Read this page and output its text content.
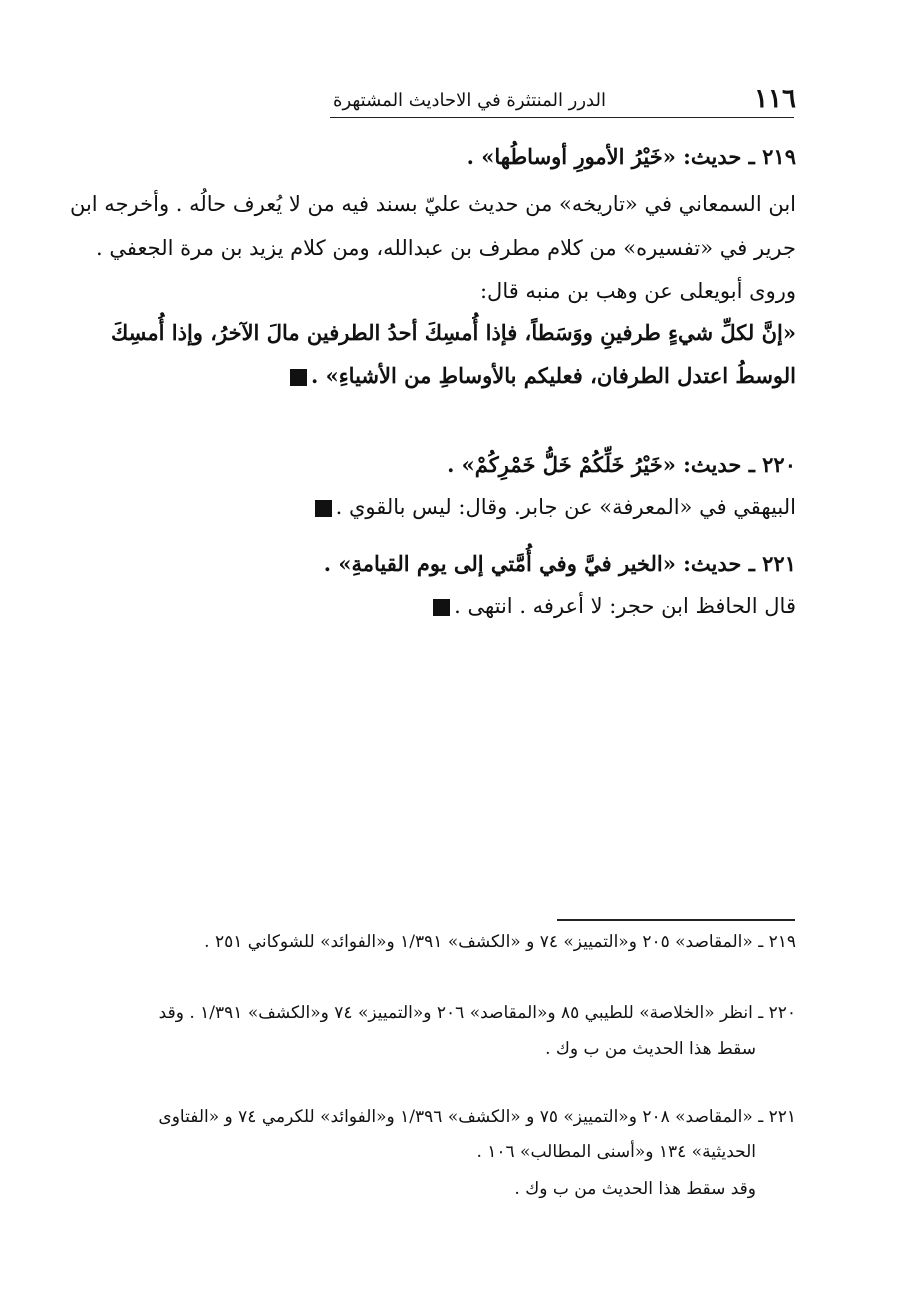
١١٦
الدرر المنتثرة في الاحاديث المشتهرة
٢١٩ ـ حديث: «خَيْرُ الأمورِ أوساطُها» .
ابن السمعاني في «تاريخه» من حديث عليّ بسند فيه من لا يُعرف حالُه . وأخرجه ابن
جرير في «تفسيره» من كلام مطرف بن عبدالله، ومن كلام يزيد بن مرة الجعفي .
وروى أبويعلى عن وهب بن منبه قال:
«إنَّ لكلِّ شيءٍ طرفينِ ووَسَطاً، فإذا أُمسِكَ أحدُ الطرفين مالَ الآخرُ، وإذا أُمسِكَ
الوسطُ اعتدل الطرفان، فعليكم بالأوساطِ من الأشياءِ» .
٢٢٠ ـ حديث: «خَيْرُ خَلِّكُمْ خَلُّ خَمْرِكُمْ» .
البيهقي في «المعرفة» عن جابر. وقال: ليس بالقوي .
٢٢١ ـ حديث: «الخير فيَّ وفي أُمَّتي إلى يوم القيامةِ» .
قال الحافظ ابن حجر: لا أعرفه . انتهى .
٢١٩ ـ «المقاصد» ٢٠٥ و«التمييز» ٧٤ و «الكشف» ١/٣٩١ و«الفوائد» للشوكاني ٢٥١ .
٢٢٠ ـ انظر «الخلاصة» للطيبي ٨٥ و«المقاصد» ٢٠٦ و«التمييز» ٧٤ و«الكشف» ١/٣٩١ . وقد
سقط هذا الحديث من ب وك .
٢٢١ ـ «المقاصد» ٢٠٨ و«التمييز» ٧٥ و «الكشف» ١/٣٩٦ و«الفوائد» للكرمي ٧٤ و «الفتاوى
الحديثية» ١٣٤ و«أسنى المطالب» ١٠٦ .
وقد سقط هذا الحديث من ب وك .
